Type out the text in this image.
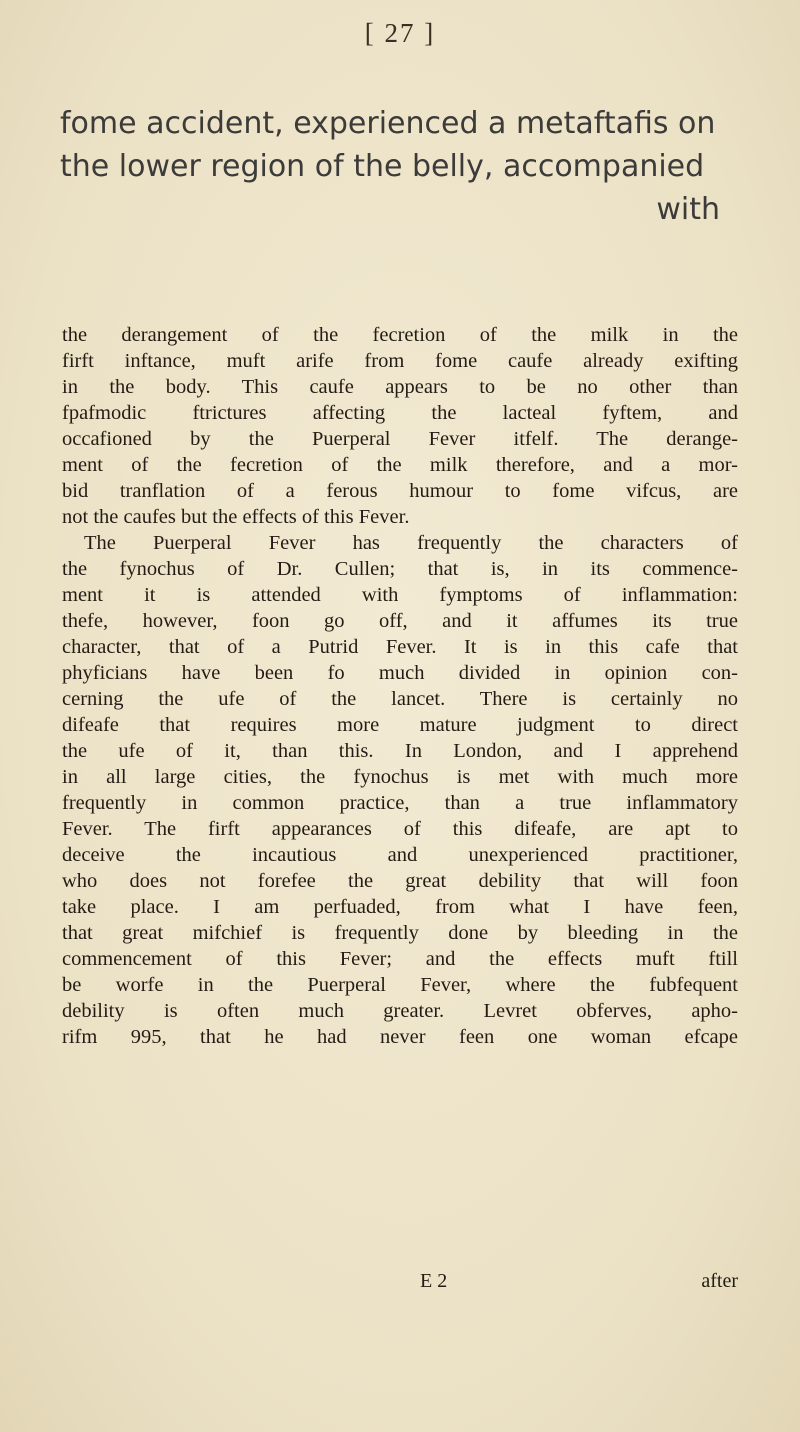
[ 27 ]
fome accident, experienced a metaftafis on
the lower region of the belly, accompanied
with
the derangement of the fecretion of the milk in the
firft inftance, muft arife from fome caufe already exifting
in the body. This caufe appears to be no other than
fpafmodic ftrictures affecting the lacteal fyftem, and
occafioned by the Puerperal Fever itfelf. The derange-
ment of the fecretion of the milk therefore, and a mor-
bid tranflation of a ferous humour to fome vifcus, are
not the caufes but the effects of this Fever.
The Puerperal Fever has frequently the characters of
the fynochus of Dr. Cullen; that is, in its commence-
ment it is attended with fymptoms of inflammation:
thefe, however, foon go off, and it affumes its true
character, that of a Putrid Fever. It is in this cafe that
phyficians have been fo much divided in opinion con-
cerning the ufe of the lancet. There is certainly no
difeafe that requires more mature judgment to direct
the ufe of it, than this. In London, and I apprehend
in all large cities, the fynochus is met with much more
frequently in common practice, than a true inflammatory
Fever. The firft appearances of this difeafe, are apt to
deceive the incautious and unexperienced practitioner,
who does not forefee the great debility that will foon
take place. I am perfuaded, from what I have feen,
that great mifchief is frequently done by bleeding in the
commencement of this Fever; and the effects muft ftill
be worfe in the Puerperal Fever, where the fubfequent
debility is often much greater. Levret obferves, apho-
rifm 995, that he had never feen one woman efcape
E 2	after
